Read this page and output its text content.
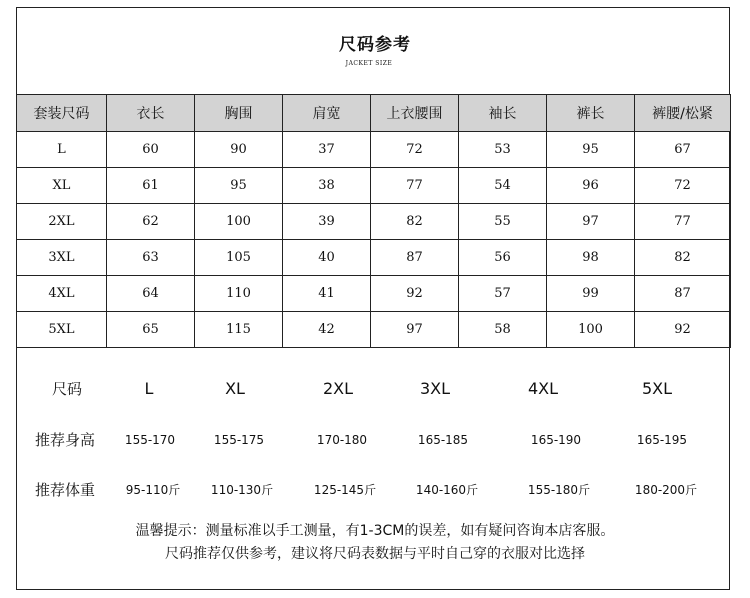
尺码参考
JACKET SIZE
套装尺码	衣长	胸围	肩宽	上衣腰围	袖长	裤长	裤腰/松紧
L	60	90	37	72	53	95	67
XL	61	95	38	77	54	96	72
2XL	62	100	39	82	55	97	77
3XL	63	105	40	87	56	98	82
4XL	64	110	41	92	57	99	87
5XL	65	115	42	97	58	100	92
尺码	L	XL	2XL	3XL	4XL	5XL
推荐身高 155-170	155-175	170-180	165-185	165-190	165-195
推荐体重	95-110斤	110-130斤	125-145斤	140-160斤	155-180斤	180-200斤
温馨提示：测量标准以手工测量，有1-3CM的误差，如有疑问咨询本店客服。
尺码推荐仅供参考，建议将尺码表数据与平时自己穿的衣服对比选择
